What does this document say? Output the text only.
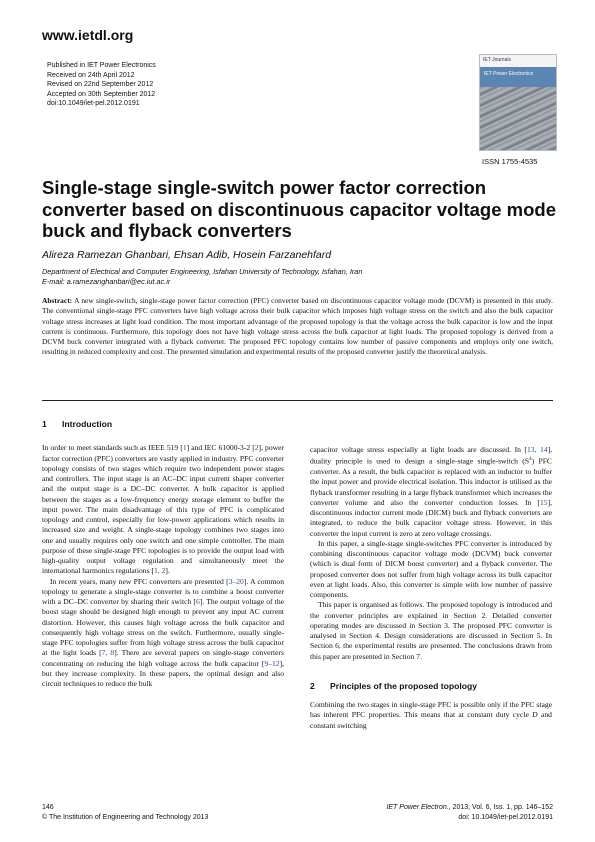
www.ietdl.org
Published in IET Power Electronics
Received on 24th April 2012
Revised on 22nd September 2012
Accepted on 30th September 2012
doi:10.1049/iet-pel.2012.0191
IET Journals
IET Power Electronics
ISSN 1755-4535
Single-stage single-switch power factor correction converter based on discontinuous capacitor voltage mode buck and flyback converters
Alireza Ramezan Ghanbari, Ehsan Adib, Hosein Farzanehfard
Department of Electrical and Computer Engineering, Isfahan University of Technology, Isfahan, Iran
E-mail: a.ramezanghanbari@ec.iut.ac.ir

Abstract: A new single-switch, single-stage power factor correction (PFC) converter based on discontinuous capacitor voltage mode (DCVM) is presented in this study. The conventional single-stage PFC converters have high voltage across their bulk capacitor which imposes high voltage stress on the switch and also the bulk capacitor voltage stress increases at light load condition. The most important advantage of the proposed topology is that the voltage across the bulk capacitor is low and the input current is continuous. Furthermore, this topology does not have high voltage stress across the bulk capacitor at light loads. The proposed topology is derived from a DCVM buck converter integrated with a flyback converter. The proposed PFC topology contains low number of passive components and employs only one switch, resulting in reduced complexity and cost. The presented simulation and experimental results of the proposed converter justify the theoretical analysis.

1 Introduction

In order to meet standards such as IEEE 519 [1] and IEC 61000-3-2 [2], power factor correction (PFC) converters are vastly applied in industry. PFC converter topology consists of two stages which require two independent power stages and controllers. The input stage is an AC–DC input current shaper converter and the output stage is a DC–DC converter. A bulk capacitor is applied between the stages as a low-frequency energy storage element to buffer the input power. The main disadvantage of this type of PFC is complicated topology and control, especially for low-power applications which results in increased size and weight. A single-stage topology combines two stages into one and usually requires only one switch and one simple controller. The main purpose of these single-stage PFC topologies is to provide the output load with high-quality output voltage regulation and simultaneously meet the international harmonics regulations [1, 2].

In recent years, many new PFC converters are presented [3–20]. A common topology to generate a single-stage converter is to combine a boost converter with a DC–DC converter by sharing their switch [6]. The output voltage of the boost stage should be designed high enough to prevent any input AC current distortion. However, this causes high voltage across the bulk capacitor and consequently high voltage stress on the switch. Furthermore, usually single-stage PFC topologies suffer from high voltage stress across the bulk capacitor at the light loads [7, 8]. There are several papers on single-stage converters concentrating on reducing the high voltage across the bulk capacitor [9–12], but they increase complexity. In these papers, the optimal design and also circuit techniques to reduce the bulk

capacitor voltage stress especially at light loads are discussed. In [13, 14], duality principle is used to design a single-stage single-switch $(S^4)$ PFC converter. As a result, the bulk capacitor is replaced with an inductor to buffer the input power and provide electrical isolation. This inductor is utilised as the flyback transformer resulting in a large flyback transformer which increases the converter volume and also the converter conduction losses. In [15], discontinuous inductor current mode (DICM) buck and flyback converters are integrated, to reduce the bulk capacitor voltage stress. However, in this converter the input current is zero at zero voltage crossings.

In this paper, a single-stage single-switches PFC converter is introduced by combining discontinuous capacitor voltage mode (DCVM) buck converter (which is dual form of DICM boost converter) and a flyback converter. The proposed converter does not suffer from high voltage across its bulk capacitor even at light loads. Also, this converter is simple with low number of passive components.

This paper is organised as follows. The proposed topology is introduced and the converter principles are explained in Section 2. Detailed converter operating modes are discussed in Section 3. The proposed PFC converter is analysed in Section 4. Design considerations are discussed in Section 5. In Section 6, the experimental results are presented. The conclusions drawn from this paper are presented in Section 7.

2 Principles of the proposed topology

Combining the two stages in single-stage PFC is possible only if the PFC stage has inherent PFC properties. This means that at constant duty cycle D and constant switching

146
© The Institution of Engineering and Technology 2013
IET Power Electron., 2013, Vol. 6, Iss. 1, pp. 146–152
doi: 10.1049/iet-pel.2012.0191
